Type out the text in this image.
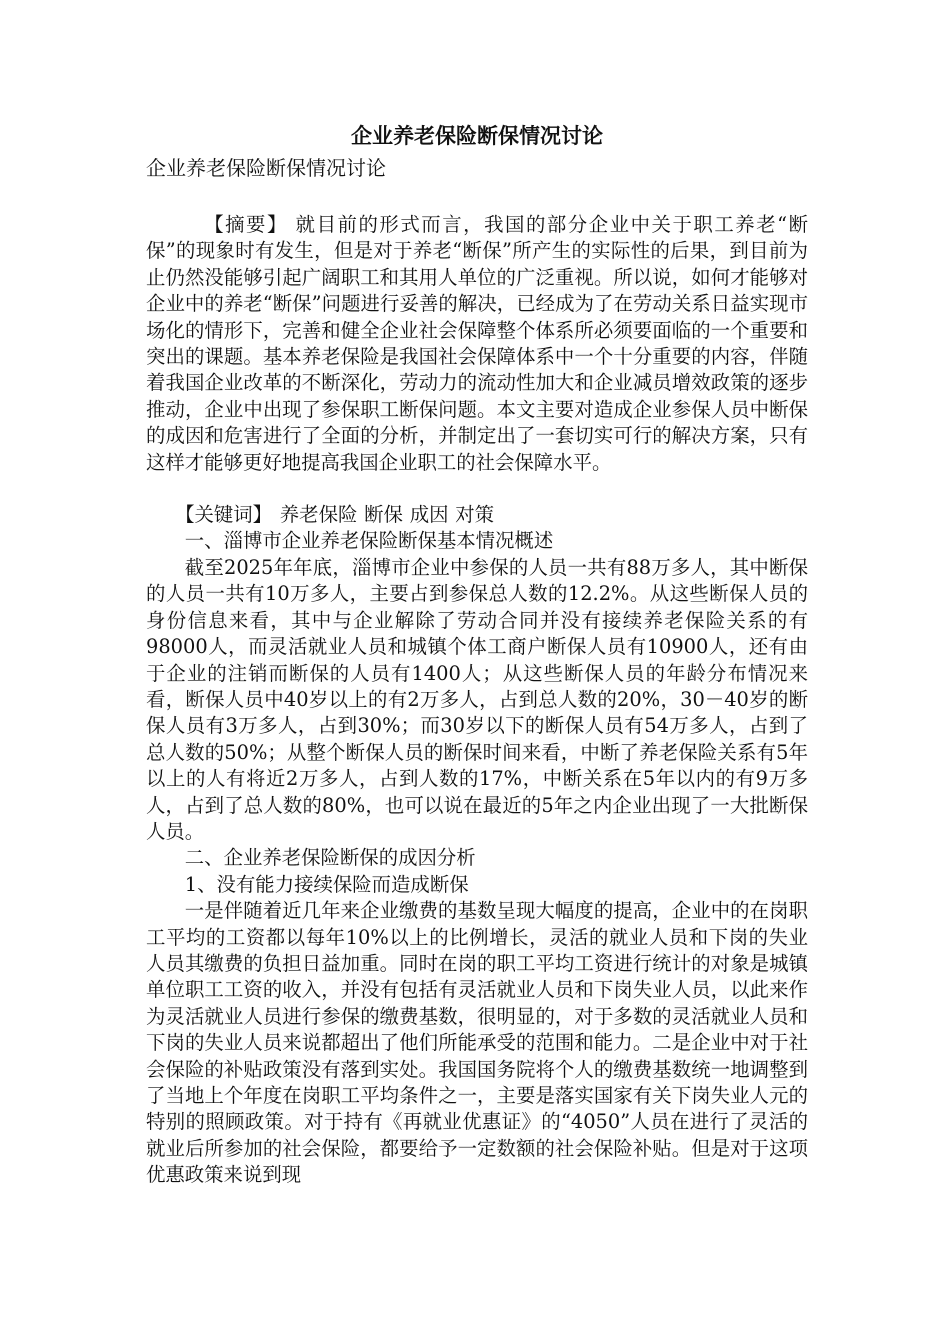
企业养老保险断保情况讨论
企业养老保险断保情况讨论

【摘要】 就目前的形式而言，我国的部分企业中关于职工养老“断保”的现象时有发生，但是对于养老“断保”所产生的实际性的后果，到目前为止仍然没能够引起广阔职工和其用人单位的广泛重视。所以说，如何才能够对企业中的养老“断保”问题进行妥善的解决，已经成为了在劳动关系日益实现市场化的情形下，完善和健全企业社会保障整个体系所必须要面临的一个重要和突出的课题。基本养老保险是我国社会保障体系中一个十分重要的内容，伴随着我国企业改革的不断深化，劳动力的流动性加大和企业减员增效政策的逐步推动，企业中出现了参保职工断保问题。本文主要对造成企业参保人员中断保的成因和危害进行了全面的分析，并制定出了一套切实可行的解决方案，只有这样才能够更好地提高我国企业职工的社会保障水平。

【关键词】 养老保险 断保 成因 对策

一、淄博市企业养老保险断保基本情况概述

截至2025年年底，淄博市企业中参保的人员一共有88万多人，其中断保的人员一共有10万多人，主要占到参保总人数的12.2%。从这些断保人员的身份信息来看，其中与企业解除了劳动合同并没有接续养老保险关系的有98000人，而灵活就业人员和城镇个体工商户断保人员有10900人，还有由于企业的注销而断保的人员有1400人；从这些断保人员的年龄分布情况来看，断保人员中40岁以上的有2万多人，占到总人数的20%，30－40岁的断保人员有3万多人，占到30%；而30岁以下的断保人员有54万多人，占到了总人数的50%；从整个断保人员的断保时间来看，中断了养老保险关系有5年以上的人有将近2万多人，占到人数的17%，中断关系在5年以内的有9万多人，占到了总人数的80%，也可以说在最近的5年之内企业出现了一大批断保人员。

二、企业养老保险断保的成因分析

1、没有能力接续保险而造成断保

一是伴随着近几年来企业缴费的基数呈现大幅度的提高，企业中的在岗职工平均的工资都以每年10%以上的比例增长，灵活的就业人员和下岗的失业人员其缴费的负担日益加重。同时在岗的职工平均工资进行统计的对象是城镇单位职工工资的收入，并没有包括有灵活就业人员和下岗失业人员，以此来作为灵活就业人员进行参保的缴费基数，很明显的，对于多数的灵活就业人员和下岗的失业人员来说都超出了他们所能承受的范围和能力。二是企业中对于社会保险的补贴政策没有落到实处。我国国务院将个人的缴费基数统一地调整到了当地上个年度在岗职工平均条件之一，主要是落实国家有关下岗失业人元的特别的照顾政策。对于持有《再就业优惠证》的“4050”人员在进行了灵活的就业后所参加的社会保险，都要给予一定数额的社会保险补贴。但是对于这项优惠政策来说到现
